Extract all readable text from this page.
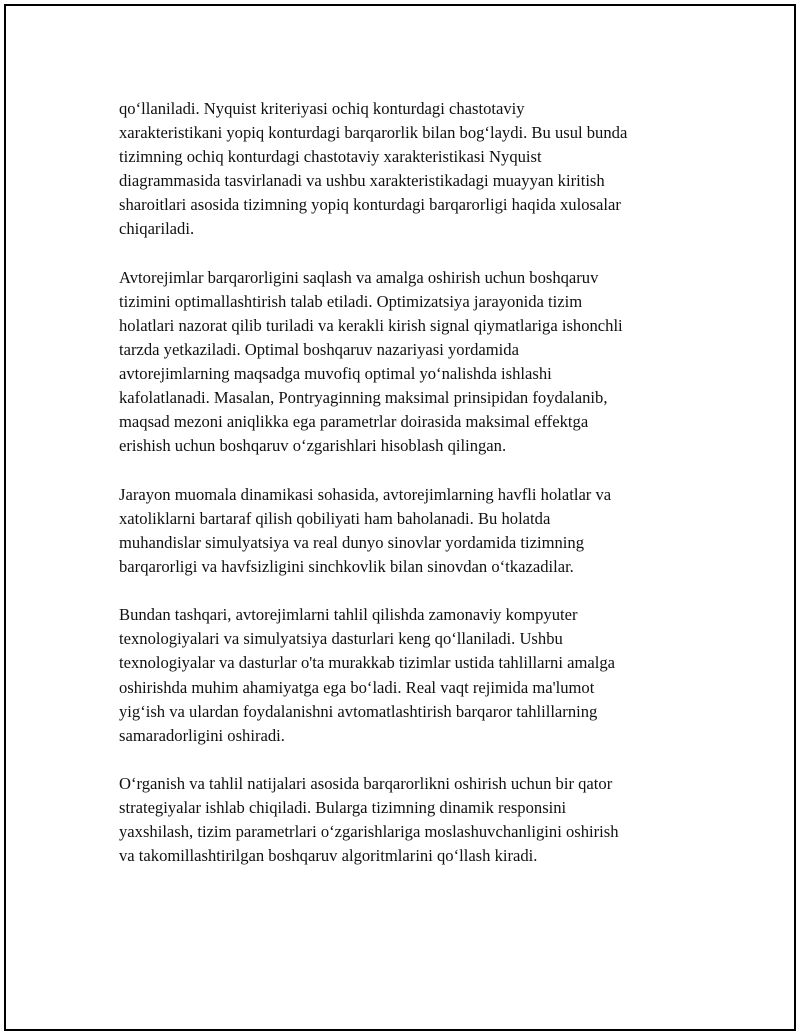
qo‘llaniladi. Nyquist kriteriyasi ochiq konturdagi chastotaviy
xarakteristikani yopiq konturdagi barqarorlik bilan bog‘laydi. Bu usul bunda
tizimning ochiq konturdagi chastotaviy xarakteristikasi Nyquist
diagrammasida tasvirlanadi va ushbu xarakteristikadagi muayyan kiritish
sharoitlari asosida tizimning yopiq konturdagi barqarorligi haqida xulosalar
chiqariladi.

Avtorejimlar barqarorligini saqlash va amalga oshirish uchun boshqaruv
tizimini optimallashtirish talab etiladi. Optimizatsiya jarayonida tizim
holatlari nazorat qilib turiladi va kerakli kirish signal qiymatlariga ishonchli
tarzda yetkaziladi. Optimal boshqaruv nazariyasi yordamida
avtorejimlarning maqsadga muvofiq optimal yo‘nalishda ishlashi
kafolatlanadi. Masalan, Pontryaginning maksimal prinsipidan foydalanib,
maqsad mezoni aniqlikka ega parametrlar doirasida maksimal effektga
erishish uchun boshqaruv o‘zgarishlari hisoblash qilingan.

Jarayon muomala dinamikasi sohasida, avtorejimlarning havfli holatlar va
xatoliklarni bartaraf qilish qobiliyati ham baholanadi. Bu holatda
muhandislar simulyatsiya va real dunyo sinovlar yordamida tizimning
barqarorligi va havfsizligini sinchkovlik bilan sinovdan o‘tkazadilar.

Bundan tashqari, avtorejimlarni tahlil qilishda zamonaviy kompyuter
texnologiyalari va simulyatsiya dasturlari keng qo‘llaniladi. Ushbu
texnologiyalar va dasturlar o'ta murakkab tizimlar ustida tahlillarni amalga
oshirishda muhim ahamiyatga ega bo‘ladi. Real vaqt rejimida ma'lumot
yig‘ish va ulardan foydalanishni avtomatlashtirish barqaror tahlillarning
samaradorligini oshiradi.

O‘rganish va tahlil natijalari asosida barqarorlikni oshirish uchun bir qator
strategiyalar ishlab chiqiladi. Bularga tizimning dinamik responsini
yaxshilash, tizim parametrlari o‘zgarishlariga moslashuvchanligini oshirish
va takomillashtirilgan boshqaruv algoritmlarini qo‘llash kiradi.
